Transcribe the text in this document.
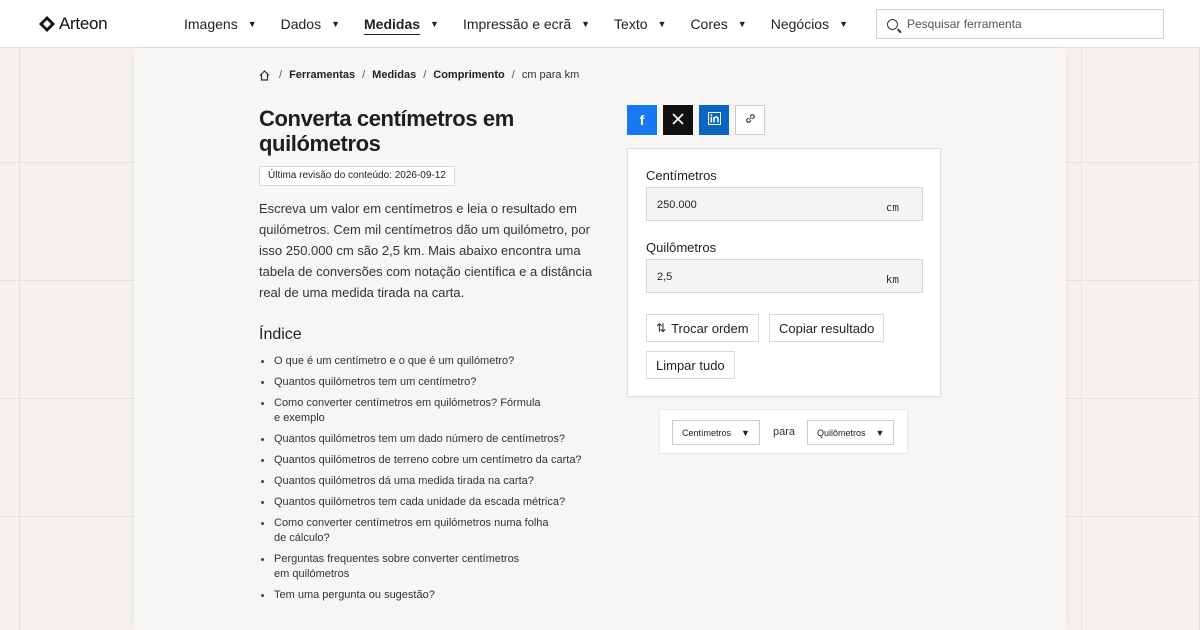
Arteon	Imagens ▼ Dados ▼ Medidas ▼ Impressão e ecrã ▼ Texto ▼ Cores ▼ Negócios ▼
Pesquisar ferramenta
/ Ferramentas / Medidas / Comprimento / cm para km
Converta centímetros em quilómetros
Última revisão do conteúdo: 2026-09-12

Escreva um valor em centímetros e leia o resultado em quilómetros. Cem mil centímetros dão um quilómetro, por isso 250.000 cm são 2,5 km. Mais abaixo encontra uma tabela de conversões com notação científica e a distância real de uma medida tirada na carta.

Índice
O que é um centímetro e o que é um quilómetro?
Quantos quilómetros tem um centímetro?
Como converter centímetros em quilómetros? Fórmula e exemplo
Quantos quilómetros tem um dado número de centímetros?
Quantos quilómetros de terreno cobre um centímetro da carta?
Quantos quilómetros dá uma medida tirada na carta?
Quantos quilómetros tem cada unidade da escada métrica?
Como converter centímetros em quilómetros numa folha de cálculo?
Perguntas frequentes sobre converter centímetros em quilómetros
Tem uma pergunta ou sugestão?
f
Centímetros
250.000	cm
Quilômetros
2,5	km
⇅ Trocar ordem Copiar resultado
Limpar tudo
Centímetros ▼ para Quilômetros ▼
